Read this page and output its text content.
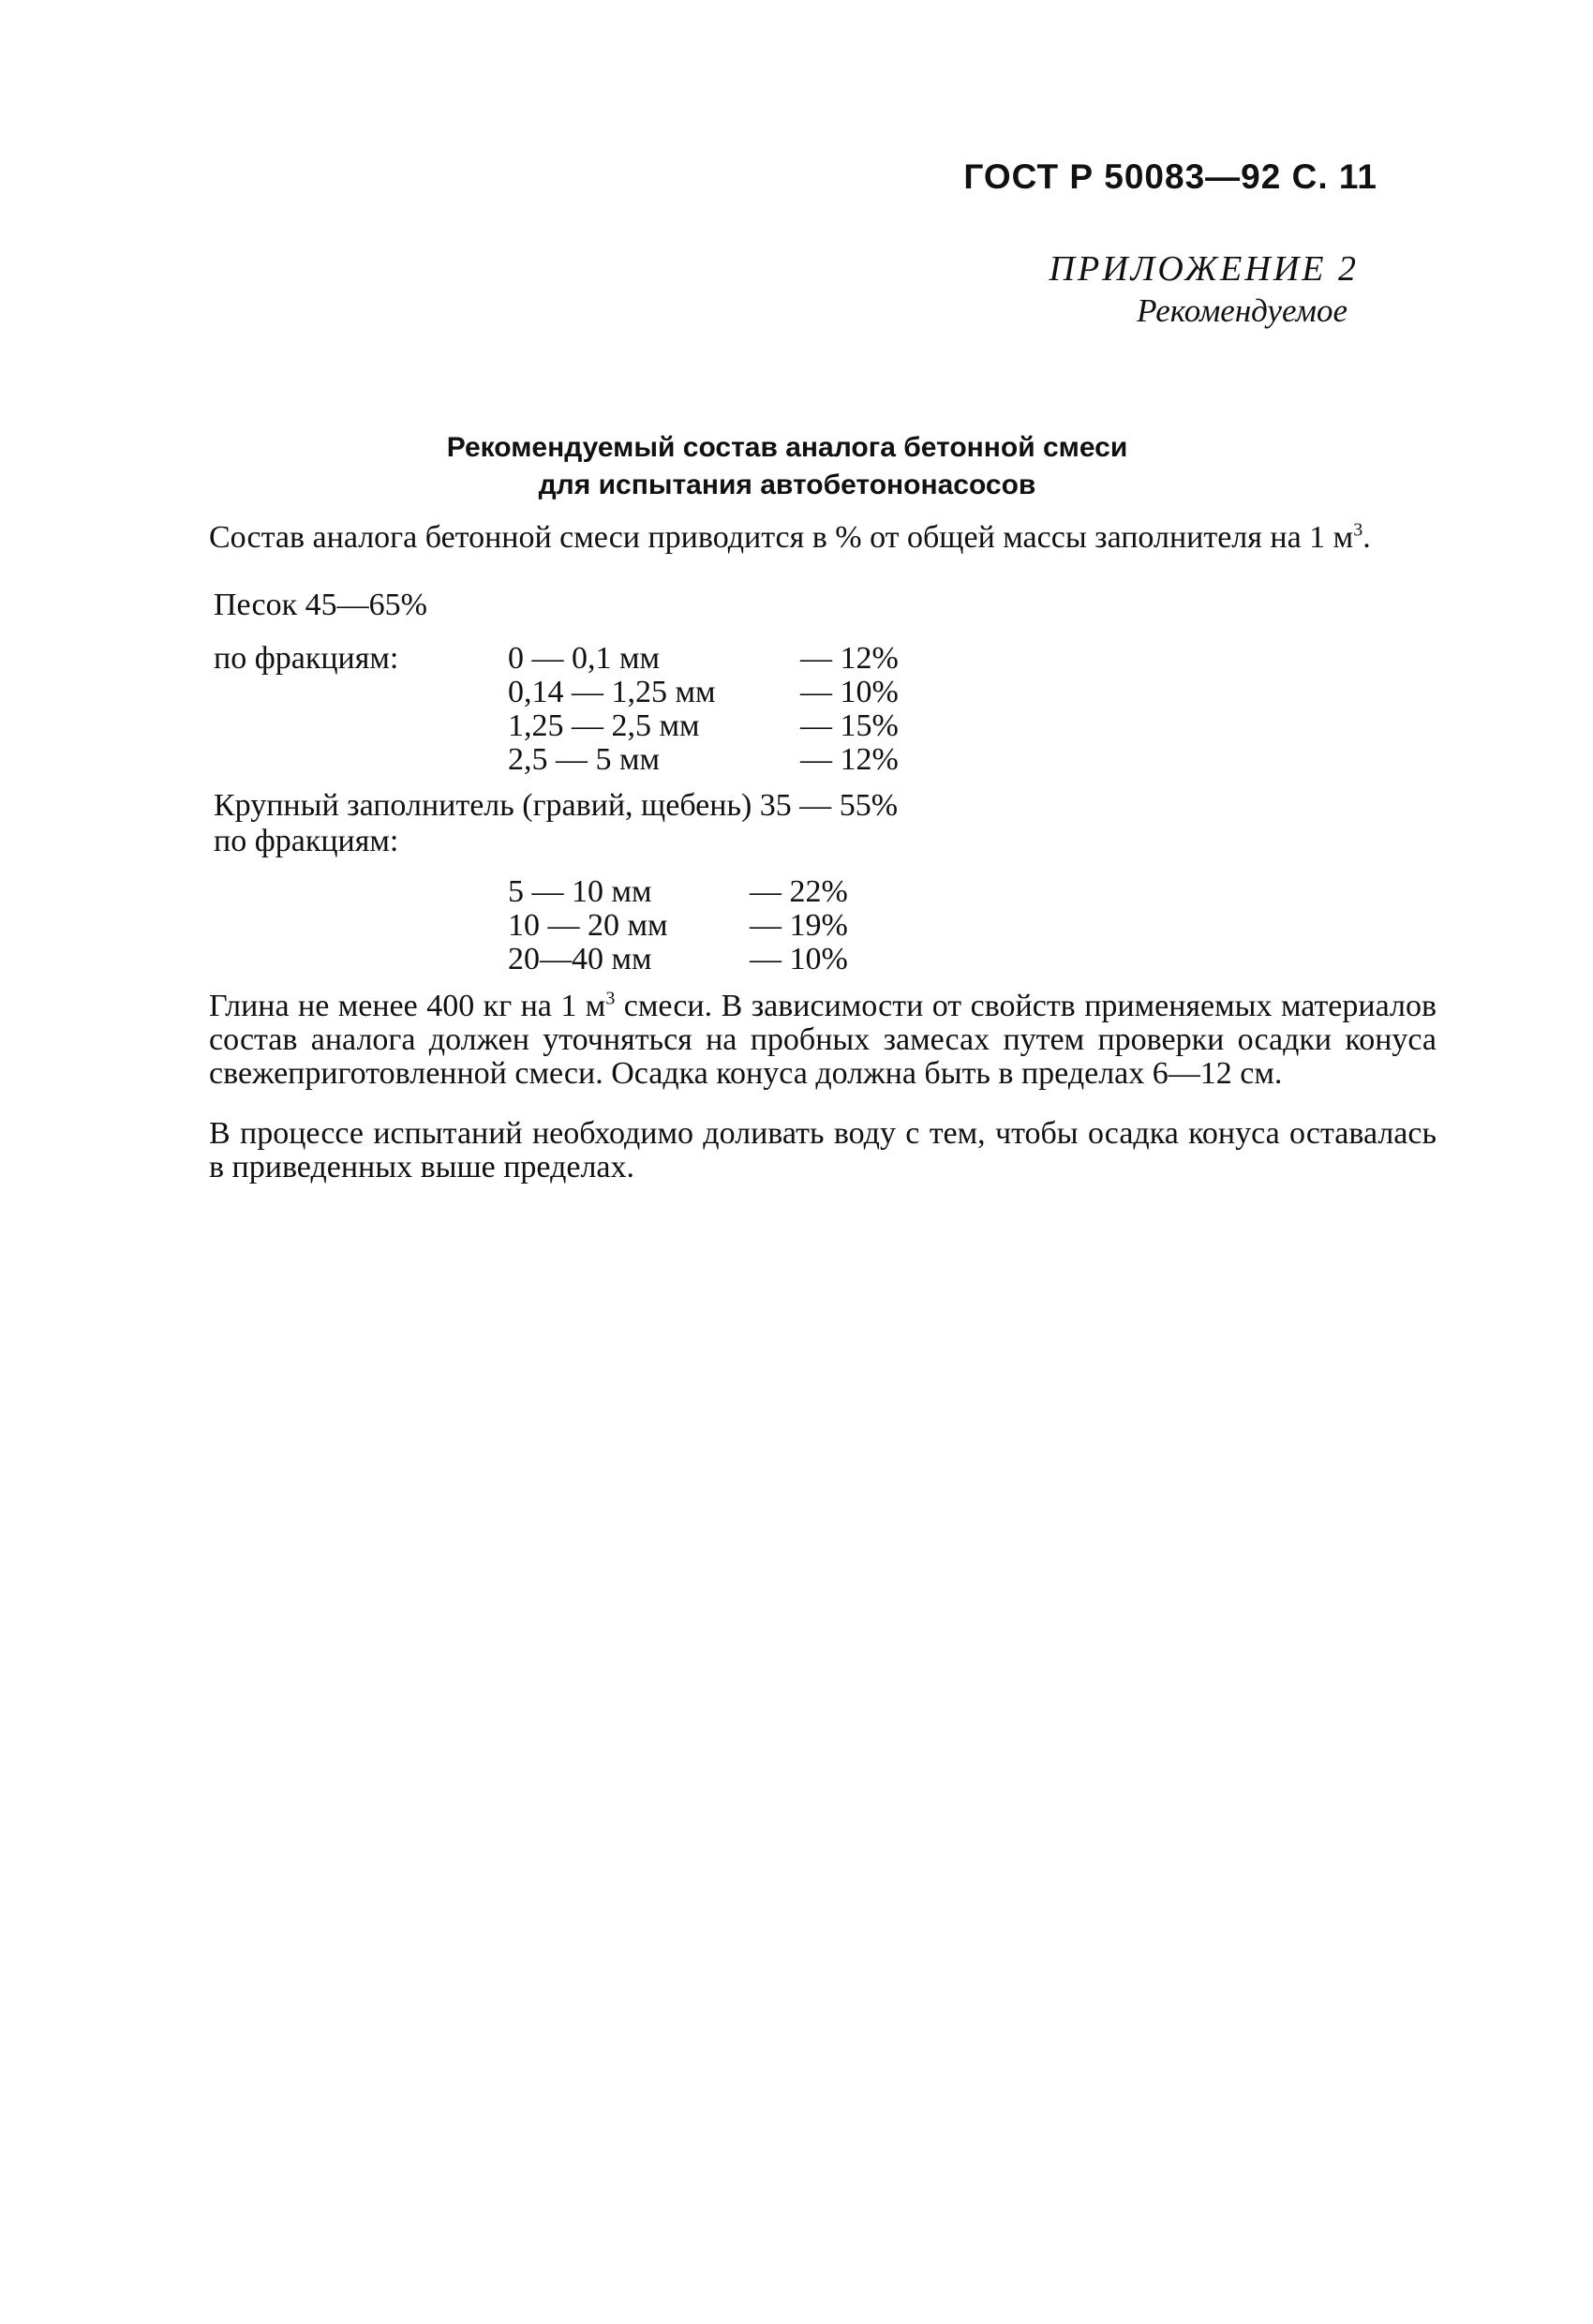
ГОСТ Р 50083—92 С. 11
ПРИЛОЖЕНИЕ 2
Рекомендуемое
Рекомендуемый состав аналога бетонной смеси
для испытания автобетононасосов

Состав аналога бетонной смеси приводится в % от общей массы заполнителя на 1 $м^3$.

Песок 45—65%
по фракциям:	0 — 0,1 мм	— 12%
0,14 — 1,25 мм	— 10%
1,25 — 2,5 мм	— 15%
2,5 — 5 мм	— 12%
Крупный заполнитель (гравий, щебень) 35 — 55%
по фракциям:
5 — 10 мм	— 22%
10 — 20 мм	— 19%
20—40 мм	— 10%

Глина не менее 400 кг на 1 $м^3$ смеси. В зависимости от свойств применяемых материалов состав аналога должен уточняться на пробных замесах путем проверки осадки конуса свежеприготовленной смеси. Осадка конуса должна быть в пределах 6—12 см.

В процессе испытаний необходимо доливать воду с тем, чтобы осадка конуса оставалась в приведенных выше пределах.
